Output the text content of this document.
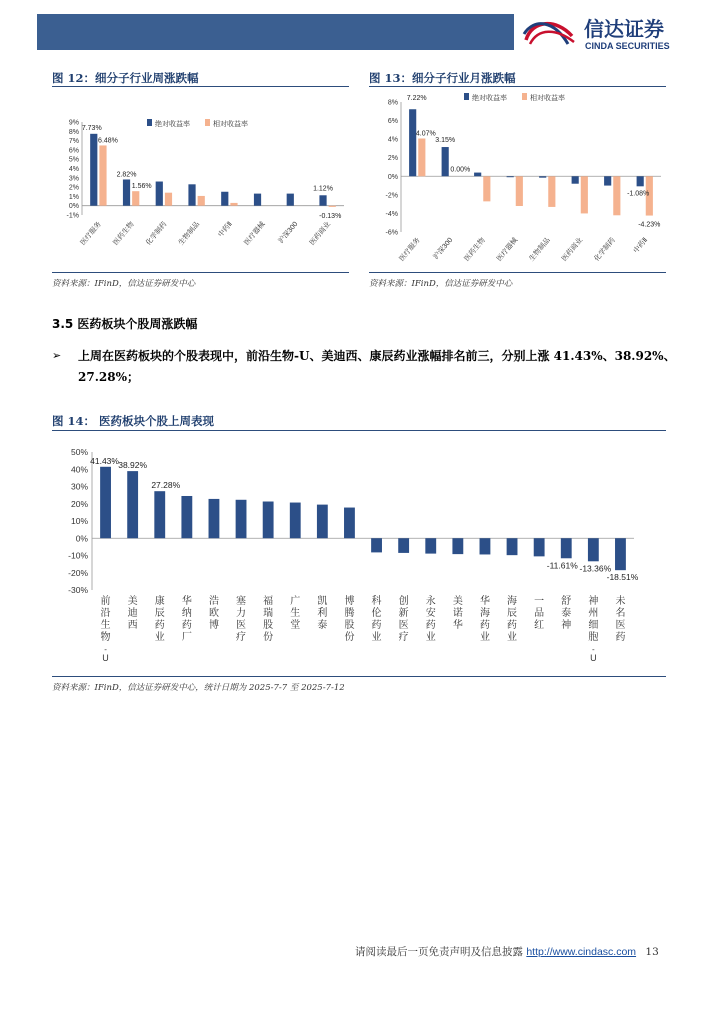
信达证券
CINDA SECURITIES
图 12：细分子行业周涨跌幅
绝对收益率	相对收益率
-1%
0%
1%
2%
3%
4%
5%
6%
7%
8%
9%
7.73%
6.48%
医疗服务
2.82%
1.56%
医药生物 化学制药 生物制品 中药Ⅱ 医疗器械 沪深300
1.12%
-0.13%
医药商业
资料来源：IFinD，信达证券研发中心
图 13：细分子行业月涨跌幅
绝对收益率	相对收益率
-6%
-4%
-2%
0%
2%
4%
6%
8%
7.22%
4.07%
医疗服务
3.15%
0.00%
沪深300 医药生物 医疗器械 生物制品 医药商业 化学制药
-1.08%
-4.23%
中药Ⅱ
资料来源：IFinD，信达证券研发中心
3.5 医药板块个股周涨跌幅
➢ 上周在医药板块的个股表现中，前沿生物-U、美迪西、康辰药业涨幅排名前三，分别上涨 41.43%、38.92%、27.28%；
图 14： 医药板块个股上周表现
-30%
-20%
-10%
0%
10%
20%
30%
40%
50%
41.43%
前沿生物-U
38.92%
美迪西
27.28%
康辰药业
华纳药厂
浩欧博
塞力医疗
福瑞股份
广生堂
凯利泰
博腾股份
科伦药业
创新医疗
永安药业
美诺华
华海药业
海辰药业
一品红
-11.61%
舒泰神
-13.36%
神州细胞-U
-18.51%
未名医药
资料来源：IFinD，信达证券研发中心，统计日期为 2025-7-7 至 2025-7-12
请阅读最后一页免责声明及信息披露 http://www.cindasc.com 13
